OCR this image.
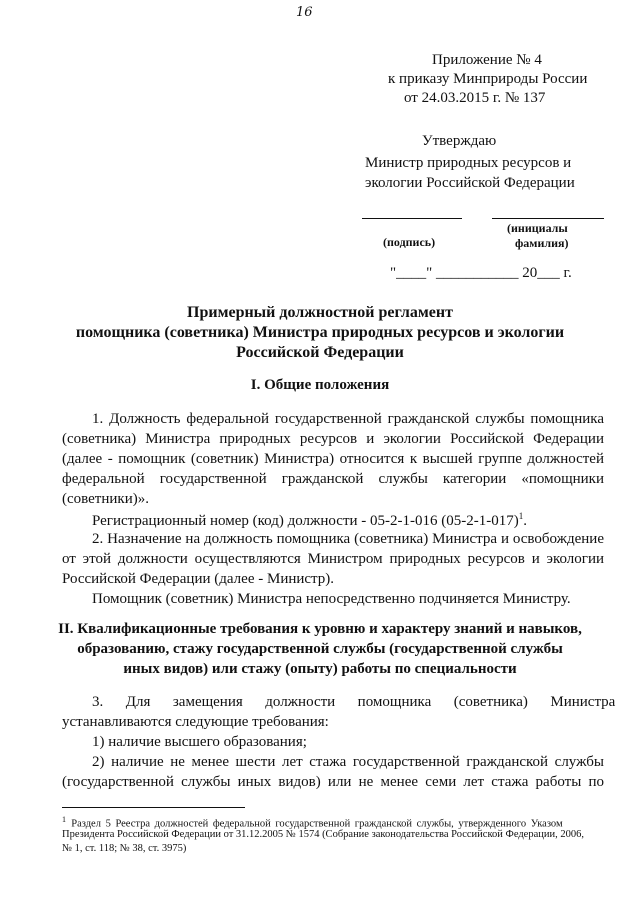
16
Приложение № 4
к приказу Минприроды России
от 24.03.2015 г. № 137
Утверждаю
Министр природных ресурсов и
экологии Российской Федерации
(подпись)
(инициалы
фамилия)
"____" ___________ 20___ г.
Примерный должностной регламент
помощника (советника) Министра природных ресурсов и экологии
Российской Федерации
I. Общие положения
1. Должность федеральной государственной гражданской службы помощника
(советника) Министра природных ресурсов и экологии Российской Федерации
(далее - помощник (советник) Министра) относится к высшей группе должностей
федеральной государственной гражданской службы категории «помощники
(советники)».
Регистрационный номер (код) должности - 05-2-1-016 $(05-2-1-017)^1$.
2. Назначение на должность помощника (советника) Министра и освобождение
от этой должности осуществляются Министром природных ресурсов и экологии
Российской Федерации (далее - Министр).
Помощник (советник) Министра непосредственно подчиняется Министру.
II. Квалификационные требования к уровню и характеру знаний и навыков,
образованию, стажу государственной службы (государственной службы
иных видов) или стажу (опыту) работы по специальности
3.      Для      замещения      должности      помощника      (советника)      Министра
устанавливаются следующие требования:
1) наличие высшего образования;
2) наличие не менее шести лет стажа государственной гражданской службы
(государственной службы иных видов) или не менее семи лет стажа работы по
$^1$ Раздел 5 Реестра должностей федеральной государственной гражданской службы, утвержденного Указом
Президента Российской Федерации от 31.12.2005 № 1574 (Собрание законодательства Российской Федерации, 2006,
№ 1, ст. 118; № 38, ст. 3975)
